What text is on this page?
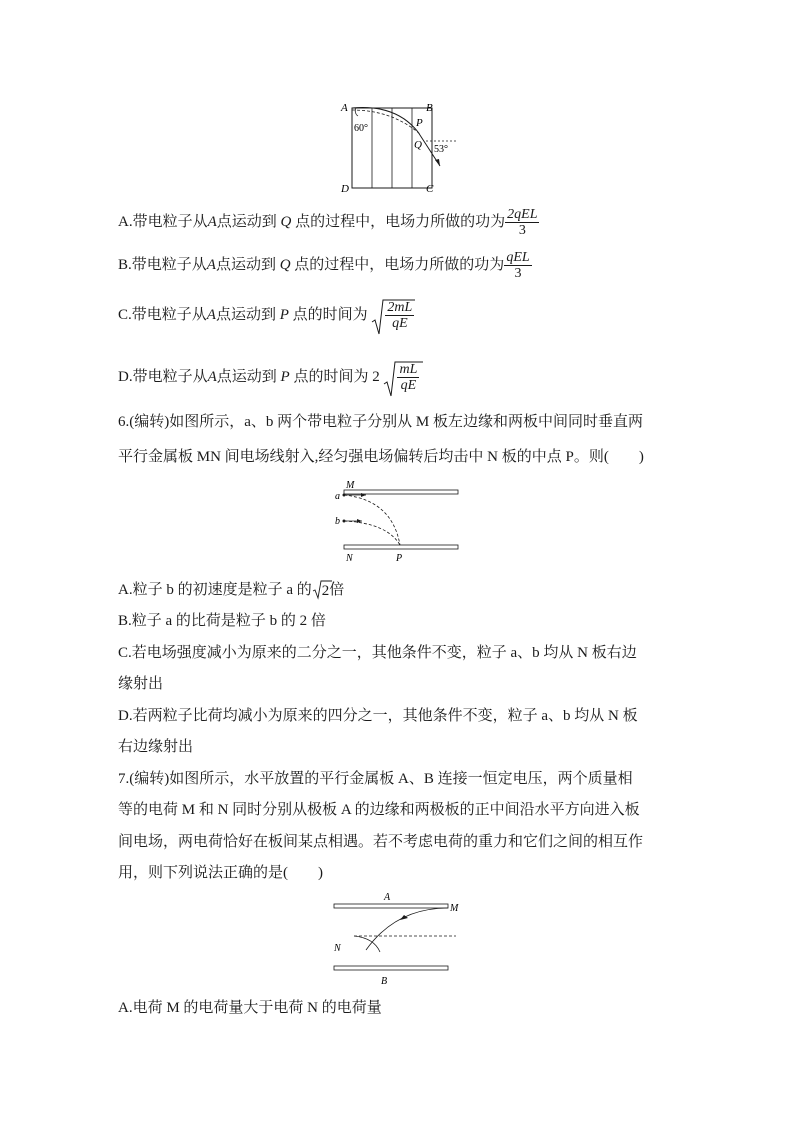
A	B
C
D
P
Q
60°
53°
A.带电粒子从A点运动到 Q 点的过程中，电场力所做的功为 $\frac{\text{2qEL}}{3}$
B.带电粒子从A点运动到 Q 点的过程中，电场力所做的功为 $\frac{\text{qEL}}{3}$
C.带电粒子从A点运动到 P 点的时间为 $\frac{2mL}{qE}$
D.带电粒子从A点运动到 P 点的时间为 $2 \frac{mL}{qE}$
6.(编转)如图所示，a、b 两个带电粒子分别从 M 板左边缘和两板中间同时垂直两
平行金属板 MN 间电场线射入,经匀强电场偏转后均击中 N 板的中点 P。则(　　)
M
a
b
N	P
A.粒子 b 的初速度是粒子 a 的 2倍
B.粒子 a 的比荷是粒子 b 的 2 倍
C.若电场强度减小为原来的二分之一，其他条件不变，粒子 a、b 均从 N 板右边
缘射出
D.若两粒子比荷均减小为原来的四分之一，其他条件不变，粒子 a、b 均从 N 板
右边缘射出
7.(编转)如图所示，水平放置的平行金属板 A、B 连接一恒定电压，两个质量相
等的电荷 M 和 N 同时分别从极板 A 的边缘和两极板的正中间沿水平方向进入板
间电场，两电荷恰好在板间某点相遇。若不考虑电荷的重力和它们之间的相互作
用，则下列说法正确的是(　　)
A
M
N
B
A.电荷 M 的电荷量大于电荷 N 的电荷量
